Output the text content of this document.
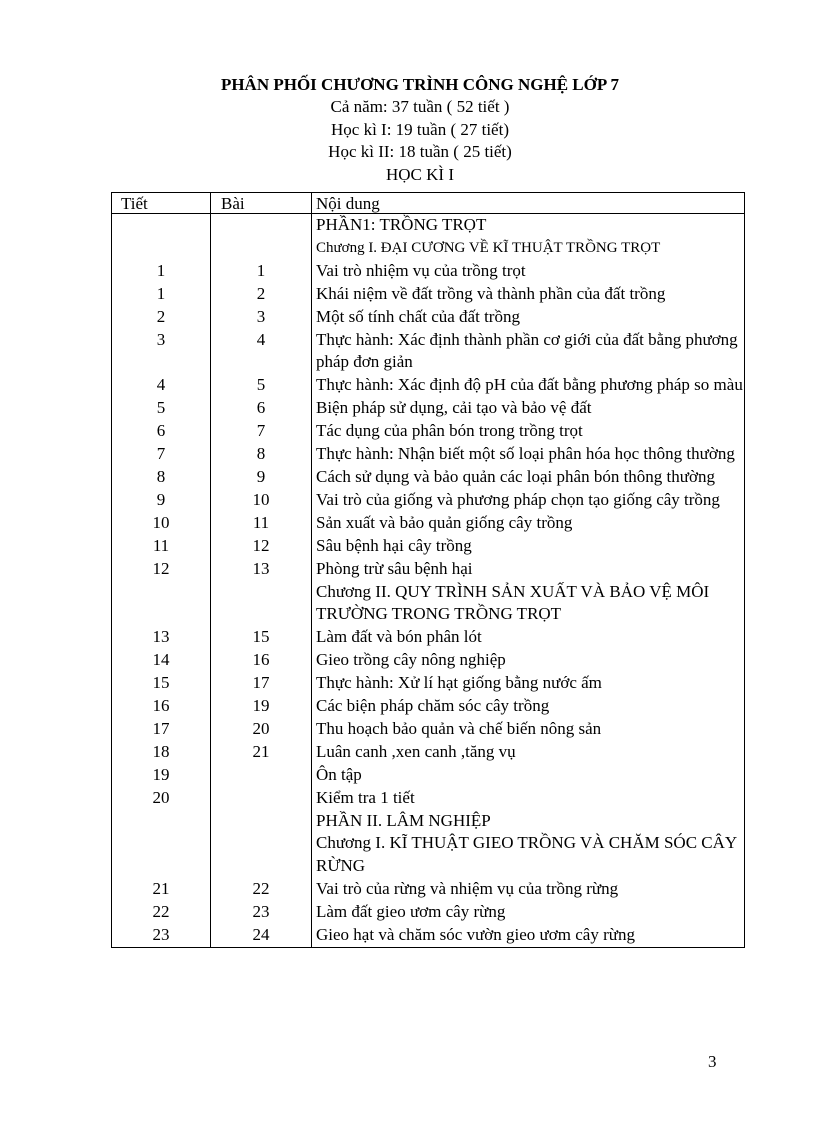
PHÂN PHỐI CHƯƠNG TRÌNH CÔNG NGHỆ LỚP 7
Cả năm: 37 tuần ( 52 tiết )
Học kì I: 19 tuần ( 27 tiết)
Học kì II: 18 tuần ( 25 tiết)
HỌC KÌ I
Tiết	Bài	Nội dung
		PHẦN1: TRỒNG TRỌT
		Chương I. ĐẠI CƯƠNG VỀ KĨ THUẬT TRỒNG TRỌT
1	1	Vai trò nhiệm vụ của trồng trọt
1	2	Khái niệm về đất trồng và thành phần của đất trồng
2	3	Một số tính chất của đất trồng
3	4	Thực hành: Xác định thành phần cơ giới của đất bằng phương pháp đơn giản
4	5	Thực hành: Xác định độ pH của đất bằng phương pháp so màu
5	6	Biện pháp sử dụng, cải tạo và bảo vệ đất
6	7	Tác dụng của phân bón trong trồng trọt
7	8	Thực hành: Nhận biết một số loại phân hóa học thông thường
8	9	Cách sử dụng và bảo quản các loại phân bón thông thường
9	10	Vai trò của giống và phương pháp chọn tạo giống cây trồng
10	11	Sản xuất và bảo quản giống cây trồng
11	12	Sâu bệnh hại cây trồng
12	13	Phòng trừ sâu bệnh hại
		Chương II. QUY TRÌNH SẢN XUẤT VÀ BẢO VỆ MÔI TRƯỜNG TRONG TRỒNG TRỌT
13	15	Làm đất và bón phân lót
14	16	Gieo trồng cây nông nghiệp
15	17	Thực hành: Xử lí hạt giống bằng nước ấm
16	19	Các biện pháp chăm sóc cây trồng
17	20	Thu hoạch bảo quản và chế biến nông sản
18	21	Luân canh ,xen canh ,tăng vụ
19		Ôn tập
20		Kiểm tra 1 tiết
		PHẦN II. LÂM NGHIỆP
		Chương I. KĨ THUẬT GIEO TRỒNG VÀ CHĂM SÓC CÂY RỪNG
21	22	Vai trò của rừng và nhiệm vụ của trồng rừng
22	23	Làm đất gieo ươm cây rừng
23	24	Gieo hạt và chăm sóc vườn gieo ươm cây rừng
3
